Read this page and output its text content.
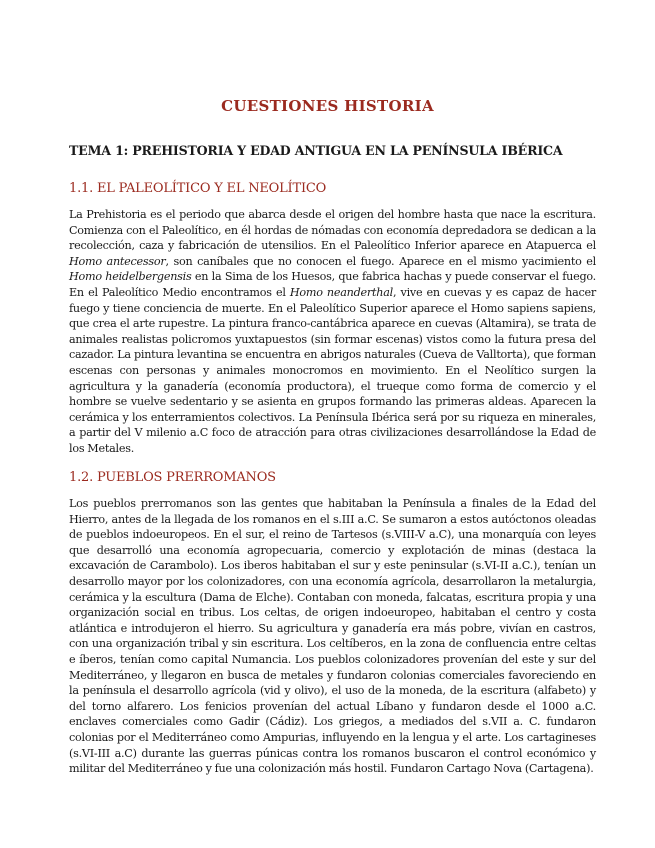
CUESTIONES HISTORIA
TEMA 1: PREHISTORIA Y EDAD ANTIGUA EN LA PENÍNSULA IBÉRICA
1.1. EL PALEOLÍTICO Y EL NEOLÍTICO
La Prehistoria es el periodo que abarca desde el origen del hombre hasta que nace la escritura. Comienza con el Paleolítico, en él hordas de nómadas con economía depredadora se dedican a la recolección, caza y fabricación de utensilios. En el Paleolítico Inferior aparece en Atapuerca el Homo antecessor, son caníbales que no conocen el fuego. Aparece en el mismo yacimiento el Homo heidelbergensis en la Sima de los Huesos, que fabrica hachas y puede conservar el fuego. En el Paleolítico Medio encontramos el Homo neanderthal, vive en cuevas y es capaz de hacer fuego y tiene conciencia de muerte. En el Paleolítico Superior aparece el Homo sapiens sapiens, que crea el arte rupestre. La pintura franco-cantábrica aparece en cuevas (Altamira), se trata de animales realistas policromos yuxtapuestos (sin formar escenas) vistos como la futura presa del cazador. La pintura levantina se encuentra en abrigos naturales (Cueva de Valltorta), que forman escenas con personas y animales monocromos en movimiento. En el Neolítico surgen la agricultura y la ganadería (economía productora), el trueque como forma de comercio y el hombre se vuelve sedentario y se asienta en grupos formando las primeras aldeas. Aparecen la cerámica y los enterramientos colectivos. La Península Ibérica será por su riqueza en minerales, a partir del V milenio a.C foco de atracción para otras civilizaciones desarrollándose la Edad de los Metales.
1.2. PUEBLOS PRERROMANOS
Los pueblos prerromanos son las gentes que habitaban la Península a finales de la Edad del Hierro, antes de la llegada de los romanos en el s.III a.C. Se sumaron a estos autóctonos oleadas de pueblos indoeuropeos. En el sur, el reino de Tartesos (s.VIII-V a.C), una monarquía con leyes que desarrolló una economía agropecuaria, comercio y explotación de minas (destaca la excavación de Carambolo). Los iberos habitaban el sur y este peninsular (s.VI-II a.C.), tenían un desarrollo mayor por los colonizadores, con una economía agrícola, desarrollaron la metalurgia, cerámica y la escultura (Dama de Elche). Contaban con moneda, falcatas, escritura propia y una organización social en tribus. Los celtas, de origen indoeuropeo, habitaban el centro y costa atlántica e introdujeron el hierro. Su agricultura y ganadería era más pobre, vivían en castros, con una organización tribal y sin escritura. Los celtíberos, en la zona de confluencia entre celtas e íberos, tenían como capital Numancia. Los pueblos colonizadores provenían del este y sur del Mediterráneo, y llegaron en busca de metales y fundaron colonias comerciales favoreciendo en la península el desarrollo agrícola (vid y olivo), el uso de la moneda, de la escritura (alfabeto) y del torno alfarero. Los fenicios provenían del actual Líbano y fundaron desde el 1000 a.C. enclaves comerciales como Gadir (Cádiz). Los griegos, a mediados del s.VII a. C. fundaron colonias por el Mediterráneo como Ampurias, influyendo en la lengua y el arte. Los cartagineses (s.VI-III a.C) durante las guerras púnicas contra los romanos buscaron el control económico y militar del Mediterráneo y fue una colonización más hostil. Fundaron Cartago Nova (Cartagena).
